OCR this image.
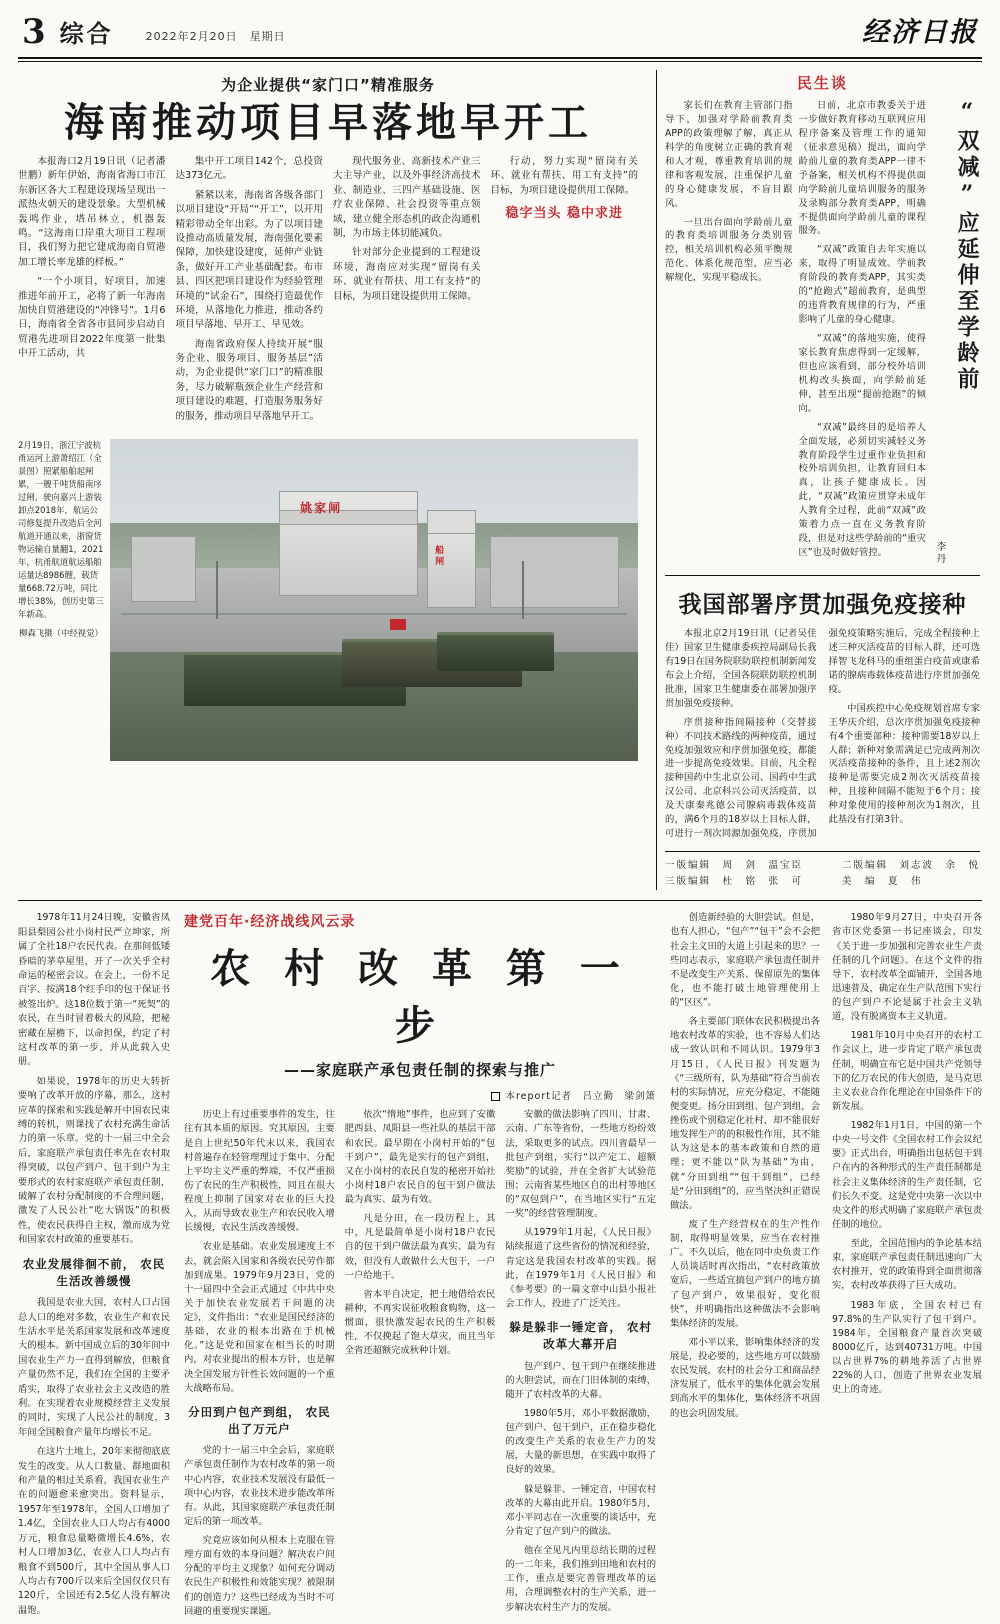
3 综合	2022年2月20日　星期日	经济日报
为企业提供“家门口”精准服务
海南推动项目早落地早开工

本报海口2月19日讯（记者潘世鹏）新年伊始，海南省海口市江东新区各大工程建设现场呈现出一派热火朝天的建设景象。大型机械轰鸣作业，塔吊林立，机器轰鸣。“这海南口岸重大项目工程项目，我们努力把它建成海南自贸港加工增长率龙雄的样板。”

“一个小项目，好项目，加速推进年前开工，必将了新一年海南加快自贸港建设的“冲锋号”。1月6日，海南省全省各市县同步启动自贸港先进项目2022年度第一批集中开工活动，共

集中开工项目142个，总投资达373亿元。

紧紧以来，海南省各级各部门以项目建设“开局”“开工”，以开用精彩带动全年出彩。为了以项目建设推动高质量发展，海南强化要素保障，加快建设建度，延伸产业链条，做好开工产业基础配套。布市县、四区把项目建设作为经验管理环境的“试金石”，围绕打造最优作环境，从落地化力推进，推动各约项目早落地、早开工、早见效。

海南省政府保人持续开展“服务企业、服务项目、服务基层”活动，为企业提供“家门口”的精准服务，尽力破解瓶颈企业生产经营和项目建设的难题，打造服务服务好的服务，推动项目早落地早开工。

现代服务业、高新技术产业三大主导产业，以及外事经济高技术业、制造业、三四产基础设施、医疗农业保障、社会投资等重点领域，建立健全形态机的政企沟通机制，为市场主体切能减负。

针对部分企业提到的工程建设环境，海南应对实现“留岗有关环、就业有帮扶、用工有支持”的目标，为项目建设提供用工保障。

行动，努力实现“留岗有关环、就业有帮扶、用工有支持”的目标，为项目建设提供用工保障。

稳字当头 稳中求进
2月19日，浙江宁波杭甬运河上游萧绍江（全景图）照紧船舶起闸累，一艘千吨货船南序过闸，驶向嘉兴上游装卸点2018年，航运公司修复提升改造后全河航道开通以来，浙窗货物运输自量翻1，2021年，杭甬航道航运船舶运量达8986艘，载货量668.72万吨，同比增长38%，创历史第三年新高。
柳森飞摄（中经视觉）
姚家闸
船闸
民生谈
“双减”应延伸至学龄前
李丹

日前，北京市教委关于进一步做好教育移动互联网应用程序备案及管理工作的通知（征求意见稿）提出，面向学龄前儿童的教育类APP一律不予备案，相关机构不得提供面向学龄前儿童培训服务的服务及录购部分教育类APP，明确不提供面向学龄前儿童的课程服务。

“双减”政策自去年实施以来，取得了明显成效。学前教育阶段的教育类APP，其实类的“抢跑式”超前教育，是典型的违背教育规律的行为，严重影响了儿童的身心健康。

“双减”的落地实施，使得家长教育焦虑得到一定缓解，但也应该看到，部分校外培训机构改头换面，向学龄前延伸，甚至出现“提前抢跑”的倾向。

“双减”最终目的是培养人全面发展，必须切实减轻义务教育阶段学生过重作业负担和校外培训负担，让教育回归本真，让孩子健康成长。因此，“双减”政策应贯穿未成年人教育全过程，此前“双减”政策着力点一直在义务教育阶段，但是对这些学龄前的“重灾区”也及时做好管控。

家长们在教育主管部门指导下，加强对学龄前教育类APP的政策理解了解，真正从科学的角度树立正确的教育观和人才观，尊重教育培训的规律和客观发展，注重保护儿童的身心健康发展，不盲目跟风。

一旦出台面向学龄前儿童的教育类培训服务分类别管控，相关培训机构必须平衡规范化、体系化规范型，应当必解规化，实现平稳成长。

我国部署序贯加强免疫接种

本报北京2月19日讯（记者吴佳佳）国家卫生健康委疾控局副局长我有19日在国务院联防联控机制新闻发布会上介绍，全国各院联防联控机制批准，国家卫生健康委在部署加强序贯加强免疫接种。

序贯接种指间隔接种（交替接种）不同技术路线的两种疫苗，通过免疫加强效应和序贯加强免疫，都能进一步提高免疫效果。目前，凡全程接种国药中生北京公司、国药中生武汉公司、北京科兴公司灭活疫苗，以及天康秦兆德公司腺病毒载体疫苗的，满6个月的18岁以上目标人群，可进行一剂次同源加强免疫，序贯加强免疫策略实施后，完成全程接种上述三种灭活疫苗的目标人群，还可选择智飞龙科马的重组蛋白疫苗或康希诺的腺病毒载体疫苗进行序贯加强免疫。

中国疾控中心免疫规划首席专家王华庆介绍，总次序贯加强免疫接种有4个重要部种：接种需要18岁以上人群；新种对象需满足已完成两剂次灭活疫苗接种的条件，且上述2剂次接种是需要完成2剂次灭活疫苗接种，且接种间隔不能短于6个月；接种对象使用的接种剂次为1剂次，且此基没有打第3针。

一版编辑　周　剑　温宝臣
三版编辑　杜　铭　张　可
二版编辑　刘志波　余　悦
美　编　夏　伟

1978年11月24日晚，安徽省凤阳县梨园公社小岗村民严立坤家，所属了全社18户农民代表。在那间低矮昏暗的茅草屋里，开了一次关乎全村命运的秘密会议。在会上，一份不足百字、按满18个红手印的包干保证书被签出炉。这18位数于第一“死契”的农民，在当时冒着极大的风险，把秘密藏在屋檐下，以命担保，约定了村这村改革的第一步，并从此载入史册。

如果说，1978年的历史大转折要响了改革开放的序幕，那么，这村应革的探索和实践是解开中国农民束缚的转机，则课找了农村充满生命活力的第一乐章。党的十一届三中全会后，家庭联产承包责任率先在农村取得突破，以包产到户、包干到户为主要形式的农村家庭联产承包责任制，破解了农村分配制度的不合理问题，激发了人民公社“吃大锅饭”的积极性，使农民获得自主权，激而成为党和国家农村政策的重要基石。

农业发展徘徊不前， 农民生活改善缓慢

我国是农业大国，农村人口占国总人口的绝对多数，农业生产和农民生活水平是关系国家发展和改革速度大的根本。新中国成立后的30年间中国农业生产力一直得到解放，但粮食产量仍然不足，我们在全国的主要矛盾实，取得了农业社会主义改造的胜利。在实现着农业规模经营主义发展的同时，实现了人民公社的制度，3年间全国粮食产量年均增长不足。

在这片土地上，20年来彻彻底底发生的改变。从人口数量、群地面积和产量的相过关系看，我国农业生产在的问题愈来愈突出。资料显示，1957年至1978年，全国人口增加了1.4亿，全国农业人口人均占有4000万元，粮食总量略微增长4.6%，农村人口增加3亿，农业人口人均占有粮食不到500斤，其中全国从事人口人均占有700斤以来后全国仅仅只有120斤，全国还有2.5亿人没有解决温饱。

建党百年·经济战线风云录
农 村 改 革 第 一 步
——家庭联产承包责任制的探索与推广
本report记者　吕立勤　梁剑箫

历史上有过重要事件的发生，往往有其本质的原因。究其原因，主要是自上世纪50年代末以来，我国农村普遍存在轻管理理过于集中、分配上平均主义严重的弊端，不仅严重损伤了农民的生产积极性，同且在很大程度上抑制了国家对农业的巨大投入，从而导致农业生产和农民收入增长缓慢，农民生活改善缓慢。

农业是基础。农业发展速度上不去，就会陷入国家和各级农民劳作都加到成果。1979年9月23日，党的十一届四中全会正式通过《中共中央关于加快农业发展若干问题的决定》，文件指出：“农业是国民经济的基础，农业的根本出路在于机械化。”这是党和国家在相当长的时期内，对农业提出的根本方针，也是解决全国发展方针性长效问题的一个重大战略布局。

分田到户包产到组， 农民出了万元户

党的十一届三中全会后，家庭联产承包责任制作为农村改革的第一项中心内容，农业技术发展没有最低一项中心内容，农业技术进步能改革所有。从此，其国家庭联产承包责任制定后的第一项改革。

究竟应该如何从根本上克服在管理方面有效的本身问题？解决农户间分配的平均主义现象？如何充分调动农民生产积极性和效能实现？被限制们的创造力？这些已经成为当时不可回避的重要现实课题。

依次“惰地”事件，也应到了安徽肥西县、凤阳县一些社队的基层干部和农民。最早期在小岗村开始的“包干到户”，最先是实行的包产到组，又在小岗村的农民自发的秘密开始社小岗村18户农民自的包干到户做法最为真实、最为有效。

凡是分田，在一段历程上，其中，凡是最简单是小岗村18户农民自的包干到户做法最为真实、最为有效，但没有人敢做什么大包干，一户一户给地干。

省本平自决定，把土地借给农民耕种，不再实误征收粮食购物，这一惯面，很快激发起农民的生产积极性，不仅挽起了饱大草灾，而且当年全省还超额完成秋种计划。

安徽的做法影响了四川、甘肃、云南、广东等省份，一些地方纷纷效法，采取更多的试点。四川省最早一批包产到组，实行“以产定工、超额奖励”的试验，并在全省扩大试验范围；云南省某些地区自的出村等地区的“双包到户”，在当地区实行“五定一奖”的经营管理制度。

从1979年1月起，《人民日报》陆续报道了这些省份的情况和经验，肯定这是我国农村改革的实践。据此，在1979年1月《人民日报》和《参考要》的一篇文章中山县小报社会工作人，投进了广泛关注。

躲是躲非一锤定音， 农村改革大幕开启

包产到户、包干到户在继续推进的大胆尝试，而在门旧体制的束缚，随开了农村改革的大幕。

1980年5月，邓小平数据激励，包产到户、包干到户，正在稳步稳化的改变生产关系的农业生产力的发展，大量的新思想，在实践中取得了良好的效果。

躲是躲非、一锤定音，中国农村改革的大幕由此开启。1980年5月，邓小平同志在一次重要的谈话中，充分肯定了包产到户的做法。

他在全见凡内里总结长期的过程的一二年来，我们推到田地和农村的工作，重点是要完善管理改革的运用，合理调整农村的生产关系，进一步解决农村生产力的发展。

创造新经验的大胆尝试。但是，也有人担心，“包产”“包干”会不会把社会主义田的大道上引起来的思？一些同志表示，家庭联产承包责任制并不是改变生产关系、保留原先的集体化，也不能打破土地管理使用上的“区区”。

各主要部门联体农民积极提出各地农村改革的实验，也不容易人们达成一致认识和不同认识。1979年3月15日，《人民日报》刊发题为《“三级所有，队为基础”符合当前农村的实际情况，应充分稳定，不能随便变更。扬分田到组、包产到组，会挫伤或个别稳定化社村，却不能很好地发挥生产的的积极性作用，其不能认为这是本的基本政策和自然的道理；更不能以“队为基础”为由，就”分田到组”“包干到组”，已经是“分田到组”的，应当坚决纠正错误做法。

废了生产经营权在的生产性作制，取得明显效果，应当在农村推广。不久以后，他在同中央负责工作人员谈话时再次指出，“农村政策放宽后，一些适宜搞包产到户的地方搞了包产到户，效果很好，变化很快”，并明确指出这种做法不会影响集体经济的发展。

邓小平以来，影响集体经济的发展是，投必要的，这些地方可以鼓励农民发展，农村的社会分工和商品经济发展了，低水平的集体化就会发展到高水平的集体化，集体经济不巩固的也会巩固发展。

1980年9月27日，中央召开各省市区党委第一书记座谈会，印发《关于进一步加强和完善农业生产责任制的几个问题》。在这个文件的指导下，农村改革全面铺开，全国各地迅速普及，确定在生产队范围下实行的包产到户不论是属于社会主义轨道，没有脱离资本主义轨道。

1981年10月中央召开的农村工作会议上，进一步肯定了联产承包责任制，明确宣布它是中国共产党领导下的亿万农民的伟大创造，是马克思主义农业合作化理论在中国条件下的新发展。

1982年1月1日，中国的第一个中央一号文件《全国农村工作会议纪要》正式出台，明确指出包括包干到户在内的各种形式的生产责任制都是社会主义集体经济的生产责任制，它们长久不变。这是党中央第一次以中央文件的形式明确了家庭联产承包责任制的地位。

至此，全国范围内的争论基本结束，家庭联产承包责任制迅速向广大农村推开，党的政策得到全面贯彻落实，农村改革获得了巨大成功。

1983年底，全国农村已有97.8%的生产队实行了包干到户。1984年，全国粮食产量首次突破8000亿斤，达到40731万吨。中国以占世界7%的耕地养活了占世界22%的人口，创造了世界农业发展史上的奇迹。
